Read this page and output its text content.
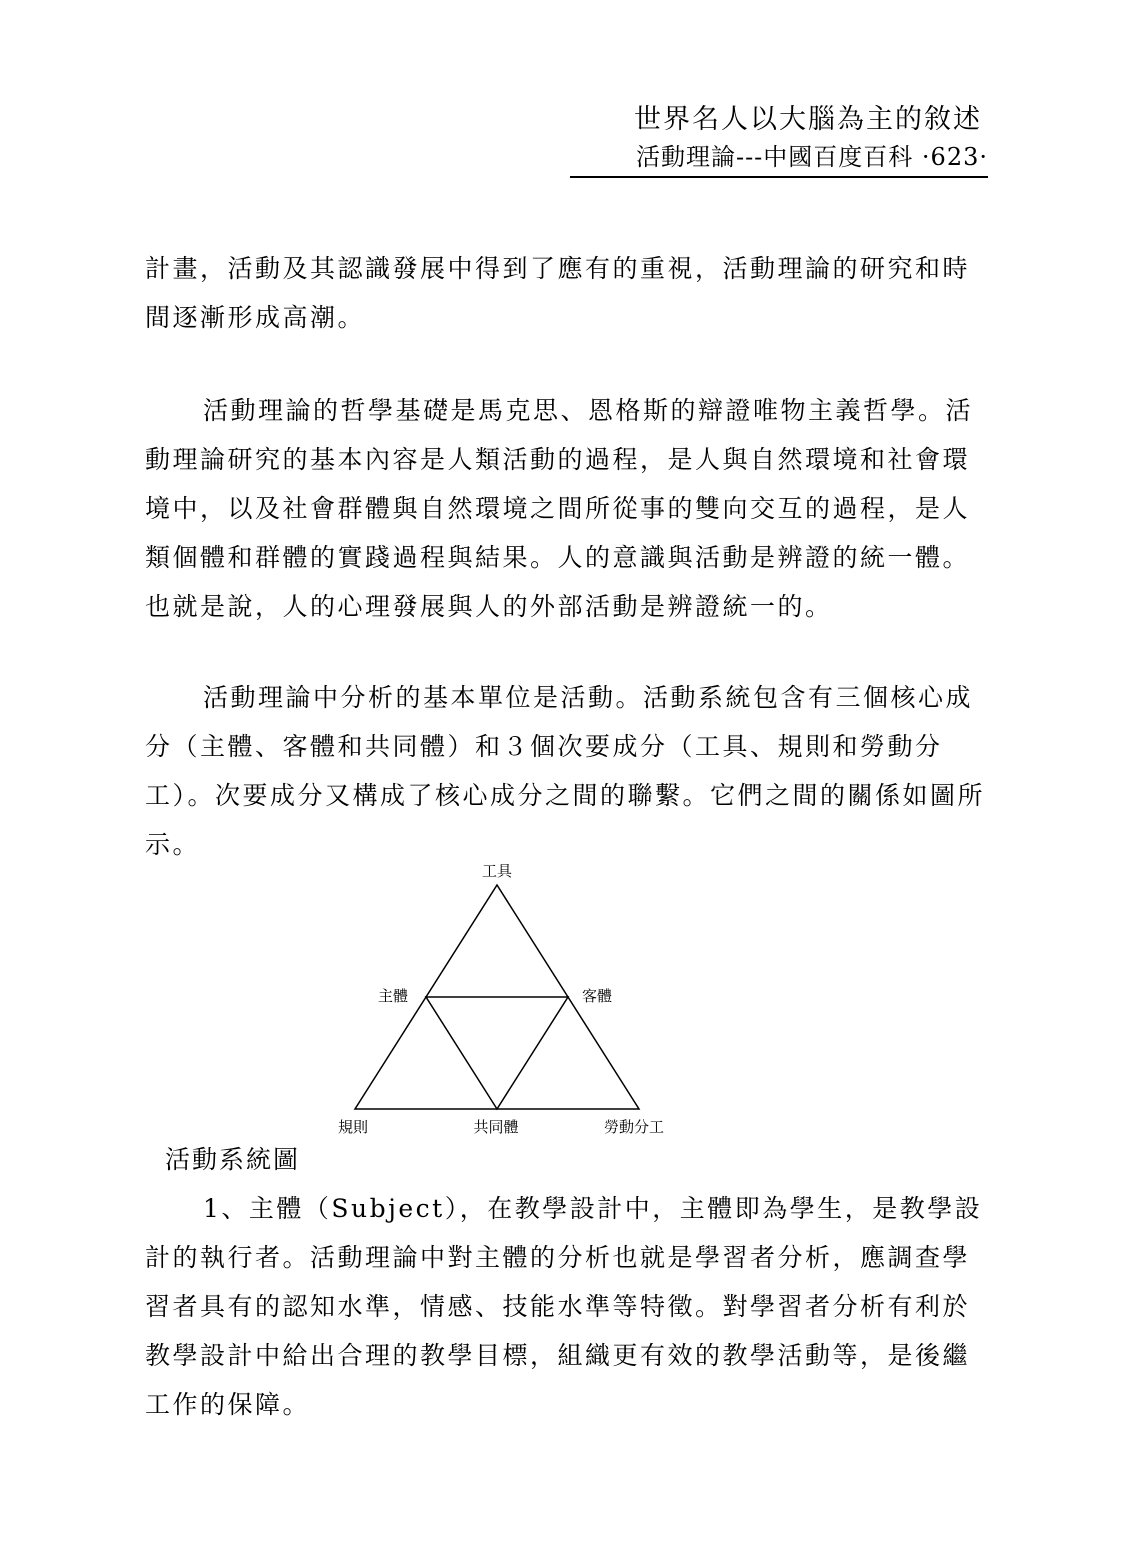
世界名人以大腦為主的敘述
活動理論---中國百度百科 ·623·

計畫，活動及其認識發展中得到了應有的重視，活動理論的研究和時間逐漸形成高潮。

活動理論的哲學基礎是馬克思、恩格斯的辯證唯物主義哲學。活動理論研究的基本內容是人類活動的過程，是人與自然環境和社會環境中，以及社會群體與自然環境之間所從事的雙向交互的過程，是人類個體和群體的實踐過程與結果。人的意識與活動是辨證的統一體。也就是說，人的心理發展與人的外部活動是辨證統一的。

活動理論中分析的基本單位是活動。活動系統包含有三個核心成分（主體、客體和共同體）和３個次要成分（工具、規則和勞動分工）。次要成分又構成了核心成分之間的聯繫。它們之間的關係如圖所示。

工具
主體	客體
規則	共同體	勞動分工
活動系統圖

1、主體（Subject），在教學設計中，主體即為學生，是教學設計的執行者。活動理論中對主體的分析也就是學習者分析，應調查學習者具有的認知水準，情感、技能水準等特徵。對學習者分析有利於教學設計中給出合理的教學目標，組織更有效的教學活動等，是後繼工作的保障。
